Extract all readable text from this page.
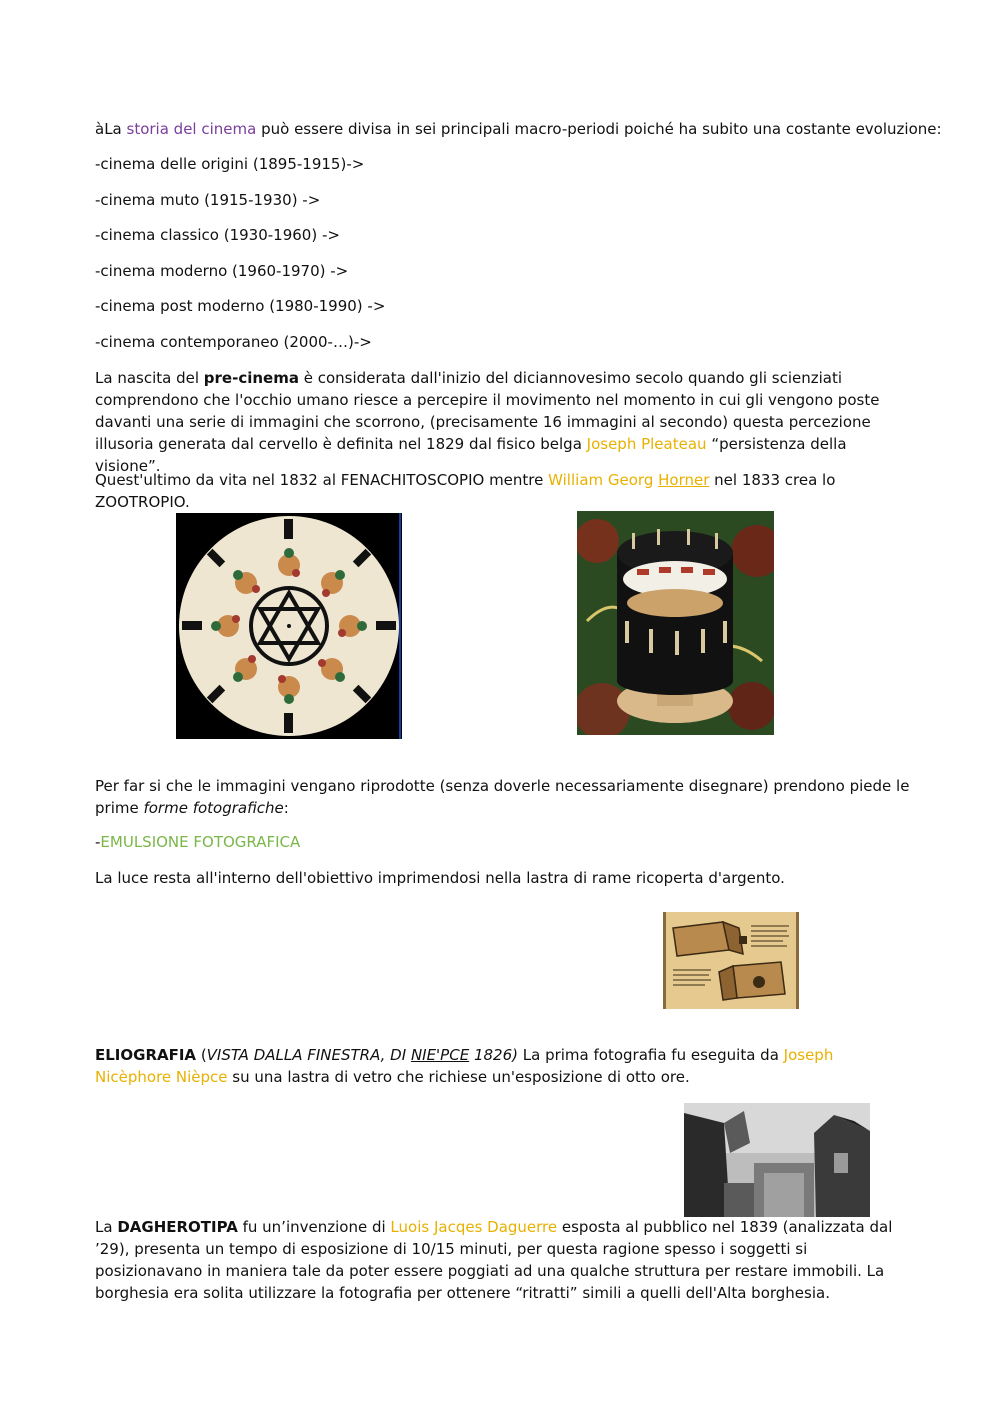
àLa storia del cinema può essere divisa in sei principali macro-periodi poiché ha subito una costante evoluzione:
-cinema delle origini (1895-1915)->
-cinema muto (1915-1930) ->
-cinema classico (1930-1960) ->
-cinema moderno (1960-1970) ->
-cinema post moderno (1980-1990) ->
-cinema contemporaneo (2000-…)->
La nascita del pre-cinema è considerata dall'inizio del diciannovesimo secolo quando gli scienziati comprendono che l'occhio umano riesce a percepire il movimento nel momento in cui gli vengono poste davanti una serie di immagini che scorrono, (precisamente 16 immagini al secondo) questa percezione illusoria generata dal cervello è definita nel 1829 dal fisico belga Joseph Pleateau “persistenza della visione”.
Quest'ultimo da vita nel 1832 al FENACHITOSCOPIO mentre William Georg Horner nel 1833 crea lo ZOOTROPIO.
Per far si che le immagini vengano riprodotte (senza doverle necessariamente disegnare) prendono piede le prime forme fotografiche:
-EMULSIONE FOTOGRAFICA
La luce resta all'interno dell'obiettivo imprimendosi nella lastra di rame ricoperta d'argento.
ELIOGRAFIA (VISTA DALLA FINESTRA, DI NIE'PCE 1826) La prima fotografia fu eseguita da Joseph Nicèphore Nièpce su una lastra di vetro che richiese un'esposizione di otto ore.
La DAGHEROTIPA fu un’invenzione di Luois Jacqes Daguerre esposta al pubblico nel 1839 (analizzata dal ’29), presenta un tempo di esposizione di 10/15 minuti, per questa ragione spesso i soggetti si posizionavano in maniera tale da poter essere poggiati ad una qualche struttura per restare immobili. La borghesia era solita utilizzare la fotografia per ottenere “ritratti” simili a quelli dell'Alta borghesia.
